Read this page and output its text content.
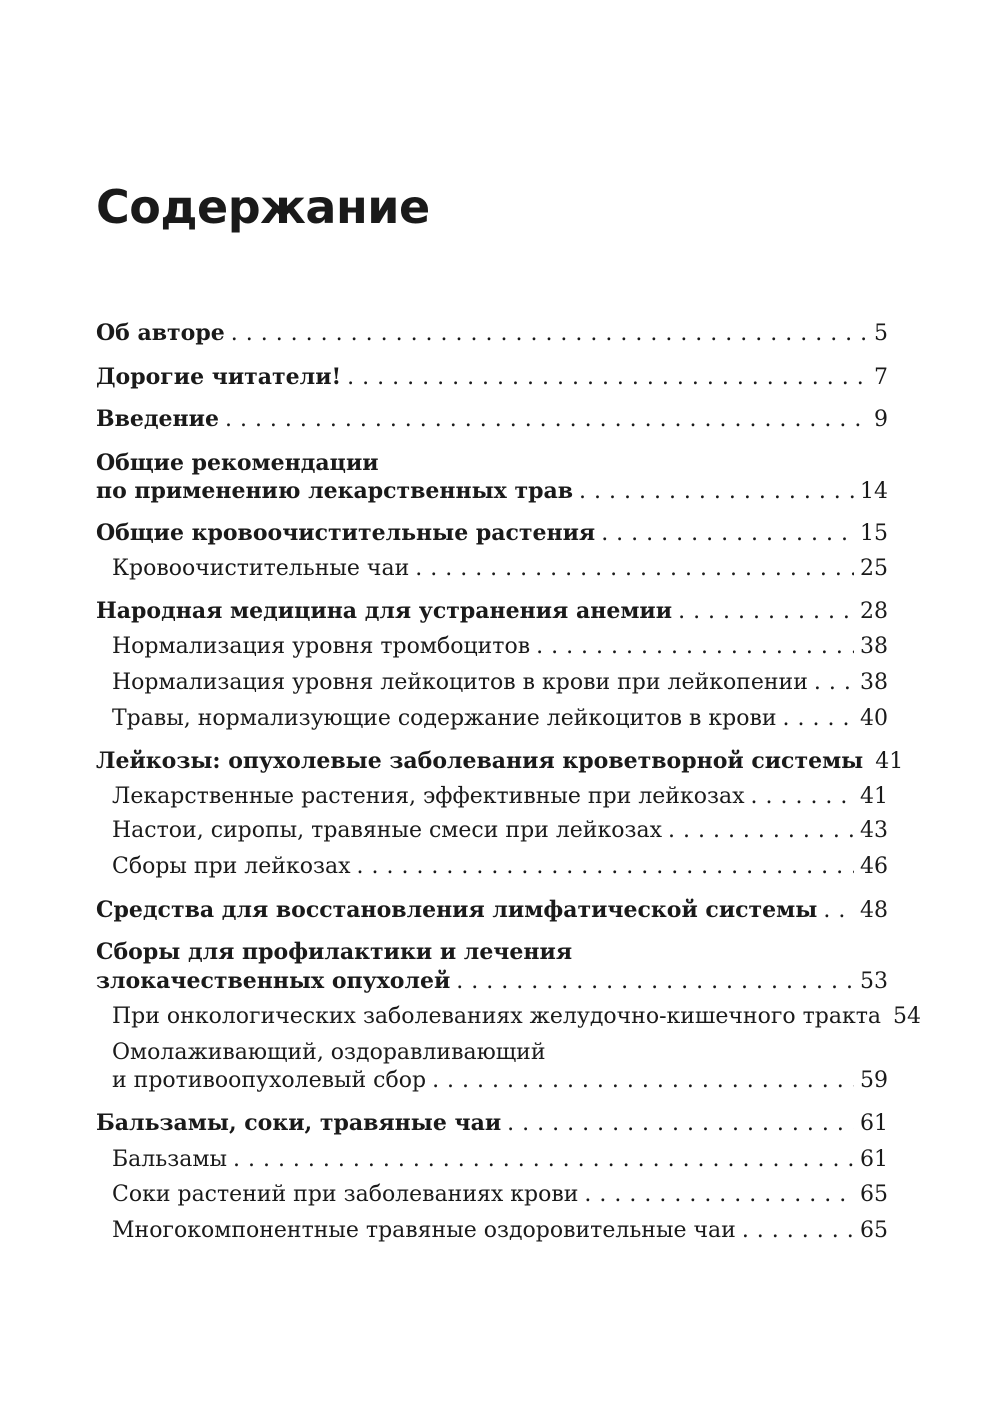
Содержание
Об авторе . . .	5
Дорогие читатели! . . .	7
Введение . . .	9
Общие рекомендации
по применению лекарственных трав . . .	14
Общие кровоочистительные растения . . .	15
Кровоочистительные чаи . . .	25
Народная медицина для устранения анемии . . .	28
Нормализация уровня тромбоцитов . . .	38
Нормализация уровня лейкоцитов в крови при лейкопении . . . 38
Травы, нормализующие содержание лейкоцитов в крови . . .	40
Лейкозы: опухолевые заболевания кроветворной системы 41
Лекарственные растения, эффективные при лейкозах . . .	41
Настои, сиропы, травяные смеси при лейкозах . . .	43
Сборы при лейкозах . . .	46
Средства для восстановления лимфатической системы . . . 48
Сборы для профилактики и лечения
злокачественных опухолей . . .	53
При онкологических заболеваниях желудочно-кишечного тракта 54
Омолаживающий, оздоравливающий
и противоопухолевый сбор . . .	59
Бальзамы, соки, травяные чаи . . .	61
Бальзамы . . .	61
Соки растений при заболеваниях крови . . .	65
Многокомпонентные травяные оздоровительные чаи . . .	65
